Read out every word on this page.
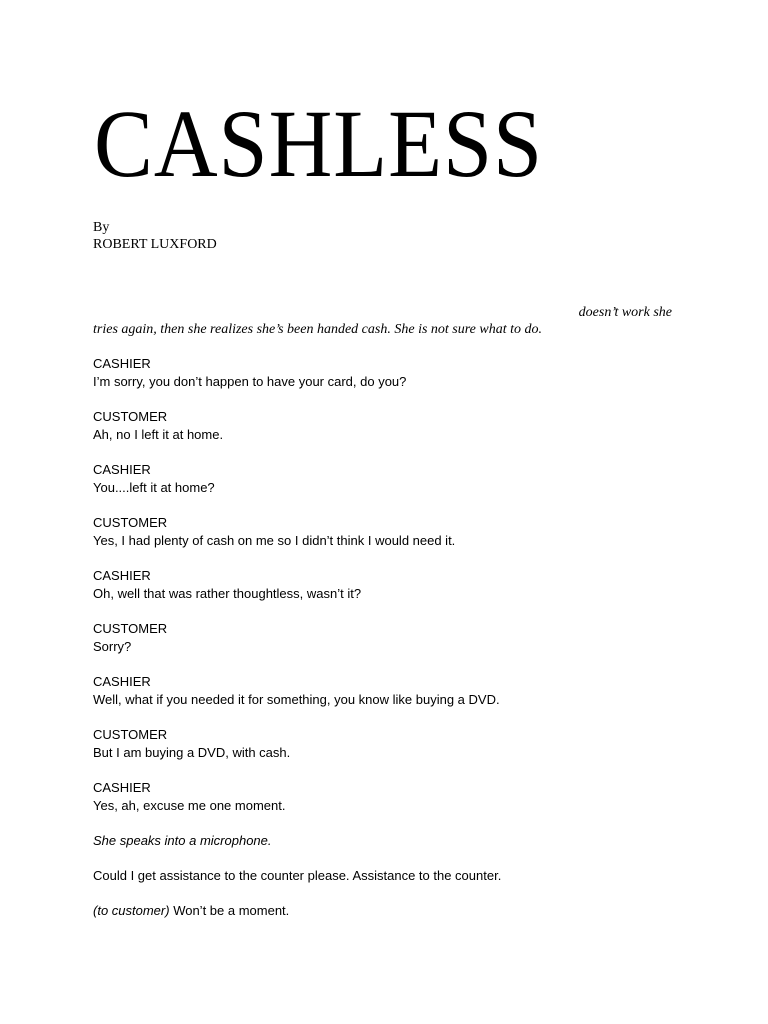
CASHLESS
By
ROBERT LUXFORD
doesn’t work she
tries again, then she realizes she’s been handed cash. She is not sure what to do.
CASHIER
I’m sorry, you don’t happen to have your card, do you?
CUSTOMER
Ah, no I left it at home.
CASHIER
You....left it at home?
CUSTOMER
Yes, I had plenty of cash on me so I didn’t think I would need it.
CASHIER
Oh, well that was rather thoughtless, wasn’t it?
CUSTOMER
Sorry?
CASHIER
Well, what if you needed it for something, you know like buying a DVD.
CUSTOMER
But I am buying a DVD, with cash.
CASHIER
Yes, ah, excuse me one moment.
She speaks into a microphone.
Could I get assistance to the counter please. Assistance to the counter.
(to customer) Won’t be a moment.
